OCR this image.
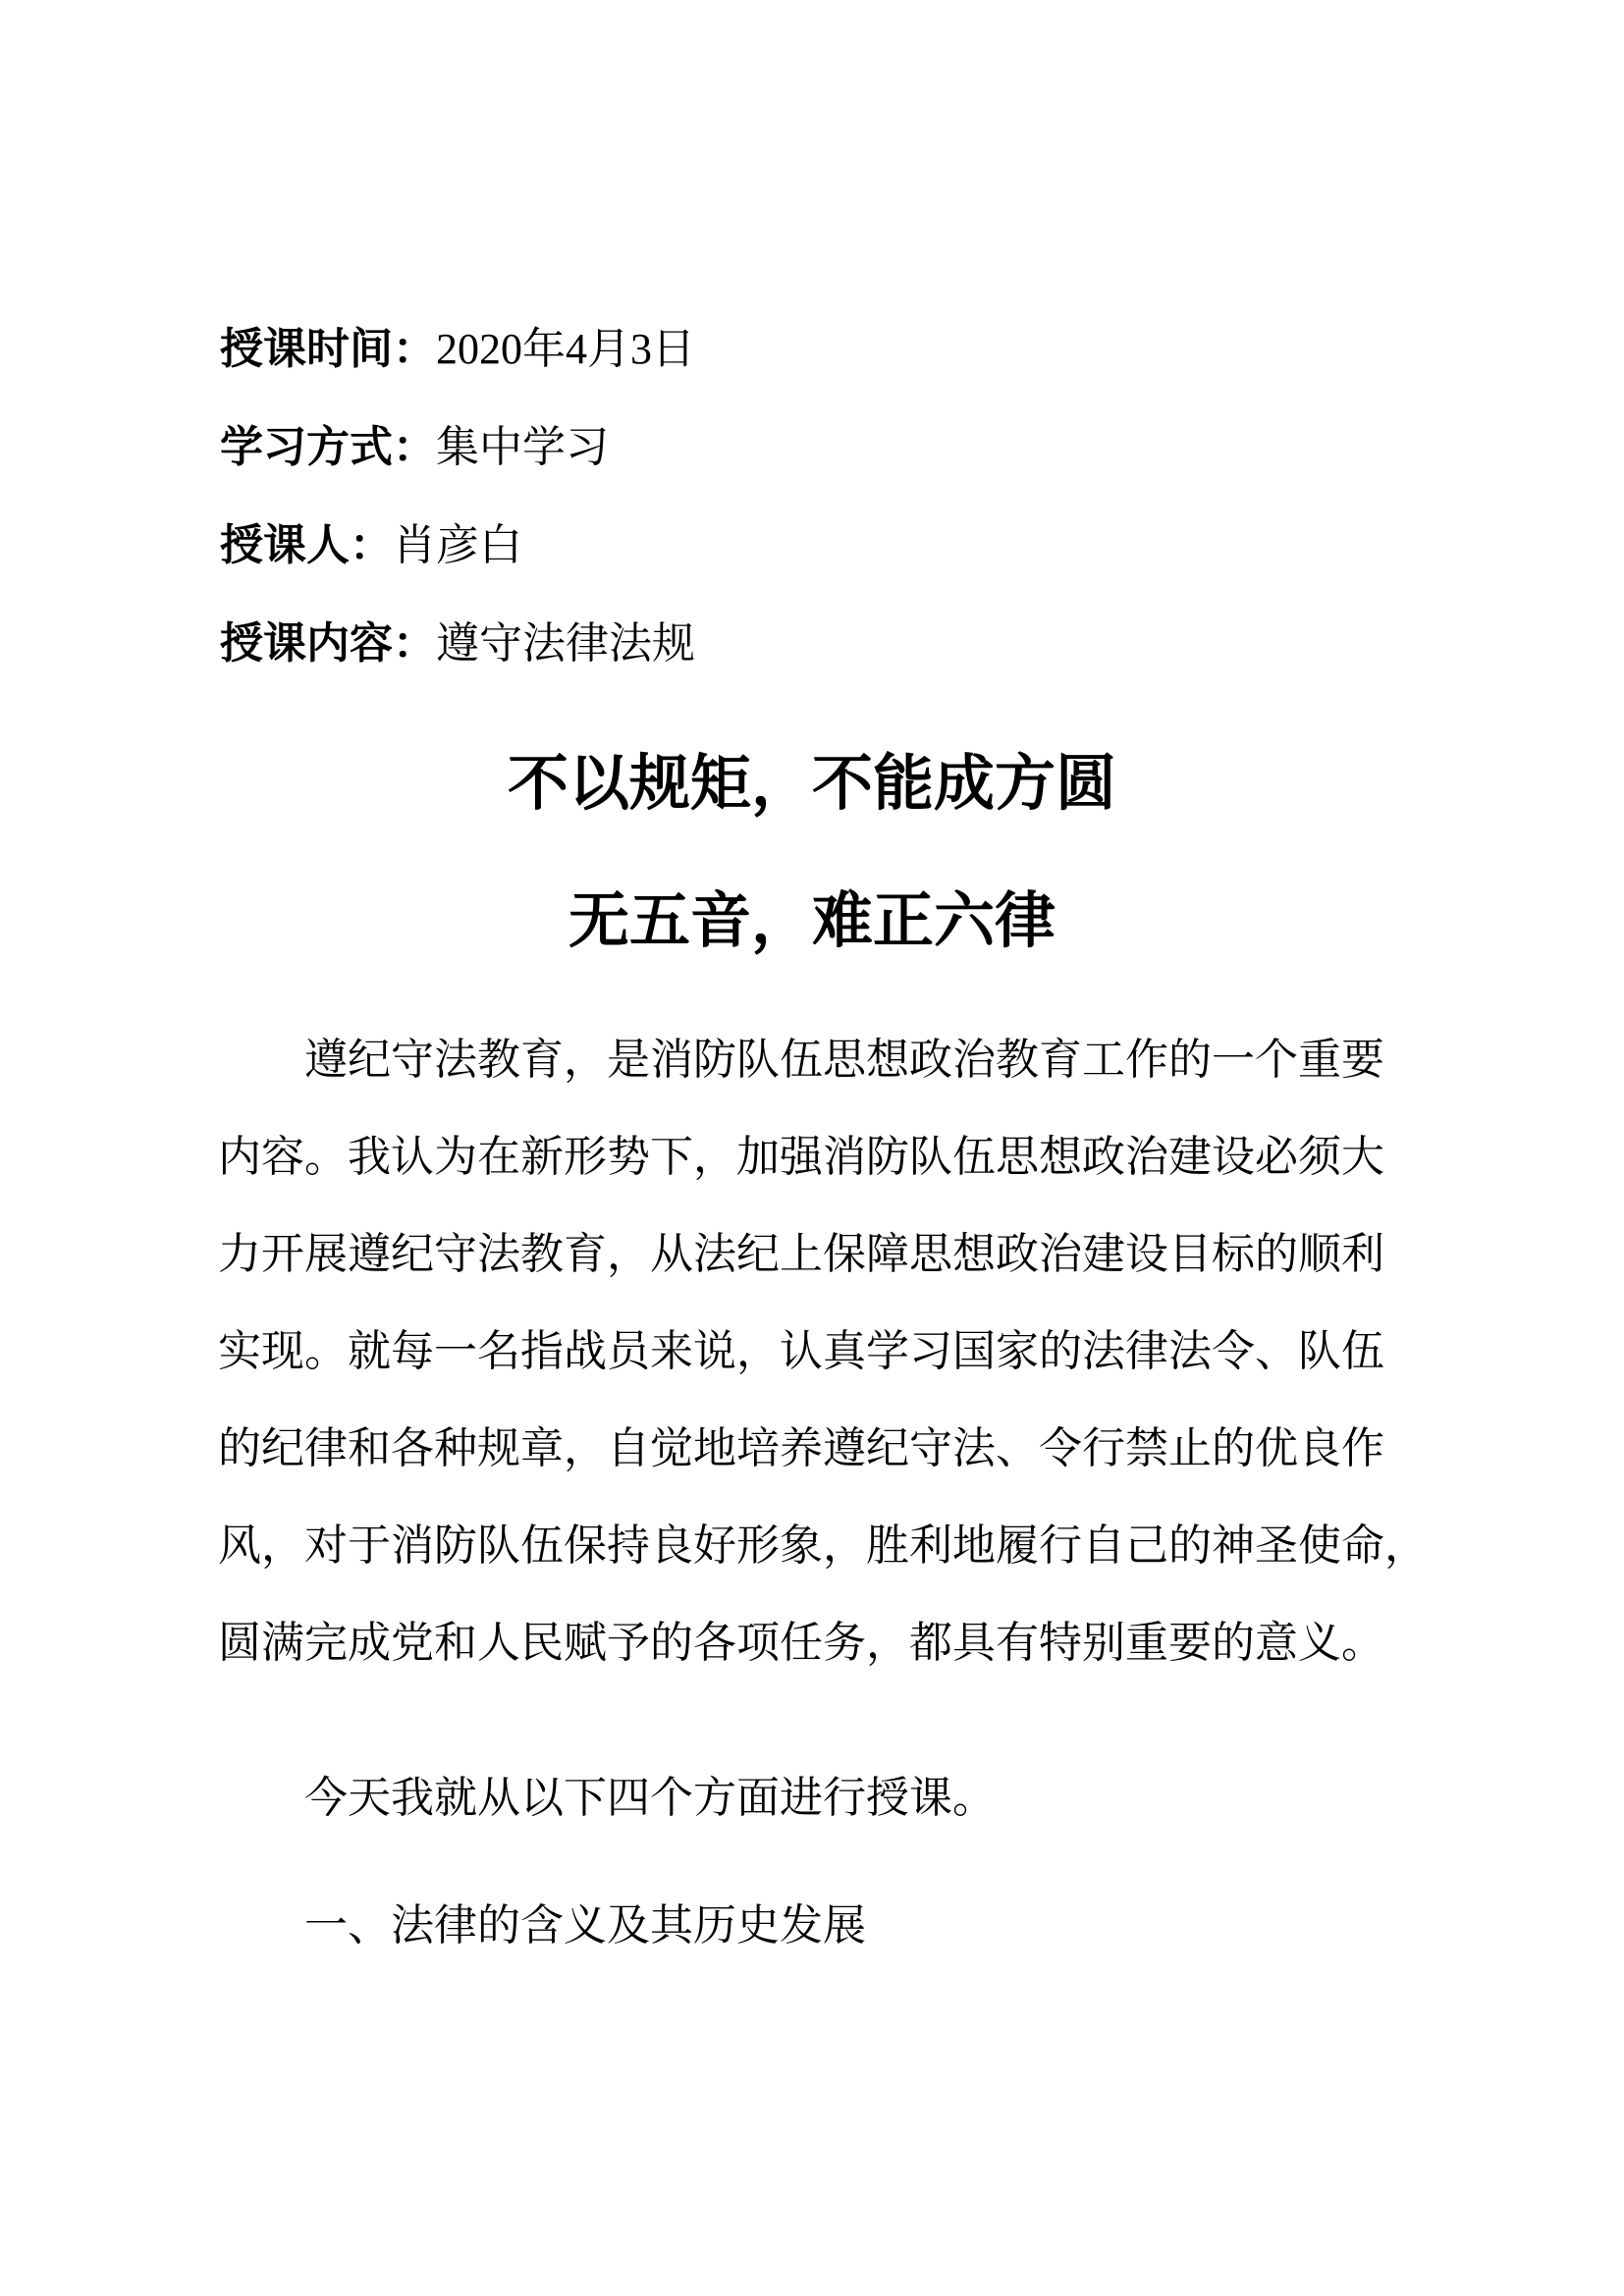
授课时间：2020年4月3日
学习方式：集中学习
授课人：肖彦白
授课内容：遵守法律法规
不以规矩，不能成方圆
无五音，难正六律
遵纪守法教育，是消防队伍思想政治教育工作的一个重要
内容。我认为在新形势下，加强消防队伍思想政治建设必须大
力开展遵纪守法教育，从法纪上保障思想政治建设目标的顺利
实现。就每一名指战员来说，认真学习国家的法律法令、队伍
的纪律和各种规章，自觉地培养遵纪守法、令行禁止的优良作
风，对于消防队伍保持良好形象，胜利地履行自己的神圣使命，
圆满完成党和人民赋予的各项任务，都具有特别重要的意义。
今天我就从以下四个方面进行授课。
一、法律的含义及其历史发展
